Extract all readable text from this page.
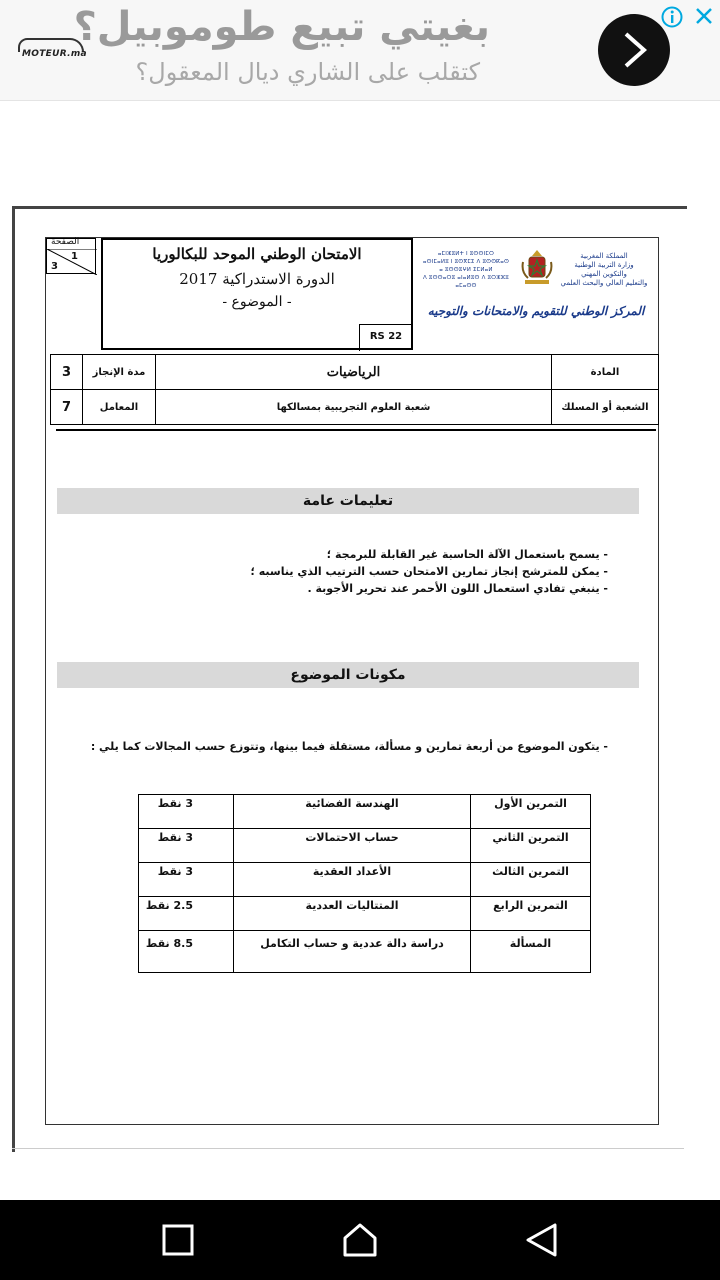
MOTEUR.ma
بغيتي تبيع طوموبيل؟
كتقلب على الشاري ديال المعقول؟
الصفحة
1
3
الامتحان الوطني الموحد للبكالوريا
الدورة الاستدراكية 2017
- الموضوع -
RS 22
ⴰⵎⵏⵣⵓⵍⵜ ⵏ ⵓⵙⵙⵏⵎⵔ
ⴰⵙⵏⵎⴰⵍⵓ ⵏ ⵓⵙⴳⵎⵉ ⴷ ⵓⵙⵙⴽⴰⵙ
ⴰ ⵓⵙⵙⵓⵖⵍ ⵉⵎⵍⴰⵍ
ⴷ ⵓⵙⵙⴰⵔⵓ ⴰⵏⴰⵍⵓⵙ ⴷ ⵓⵔⵣⵣⵓ ⴰⵎⴰⵙⵙ
المملكة المغربية
وزارة التربية الوطنية
والتكوين المهني
والتعليم العالي والبحث العلمي
المركز الوطني للتقويم والامتحانات والتوجيه
3	مدة الإنجاز	الرياضيات	المادة
7	المعامل	شعبة العلوم التجريبية بمسالكها	الشعبة أو المسلك
تعليمات عامة
- يسمح باستعمال الآلة الحاسبة غير القابلة للبرمجة ؛
- يمكن للمترشح إنجاز تمارين الامتحان حسب الترتيب الذي يناسبه ؛
- ينبغي تفادي استعمال اللون الأحمر عند تحرير الأجوبة .
مكونات الموضوع
- يتكون الموضوع من أربعة تمارين و مسألة، مستقلة فيما بينها، وتتوزع حسب المجالات كما يلي :
التمرين الأول	الهندسة الفضائية	3 نقط
التمرين الثاني	حساب الاحتمالات	3 نقط
التمرين الثالث	الأعداد العقدية	3 نقط
التمرين الرابع	المتتاليات العددية	2.5 نقط
المسألة	دراسة دالة عددية و حساب التكامل	8.5 نقط
